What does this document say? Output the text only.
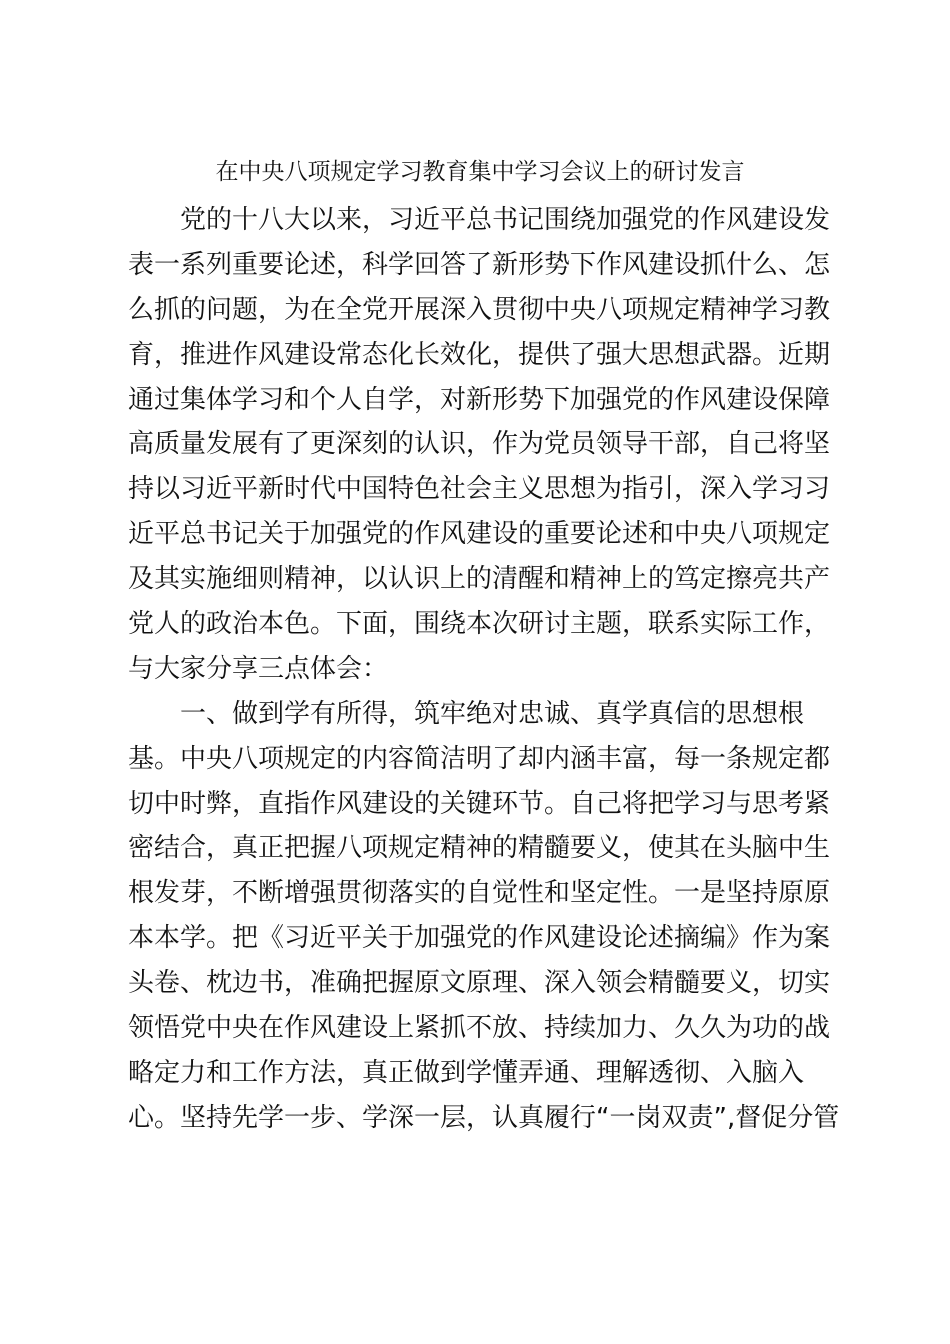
在中央八项规定学习教育集中学习会议上的研讨发言
党的十八大以来，习近平总书记围绕加强党的作风建设发
表一系列重要论述，科学回答了新形势下作风建设抓什么、怎
么抓的问题，为在全党开展深入贯彻中央八项规定精神学习教
育，推进作风建设常态化长效化，提供了强大思想武器。近期
通过集体学习和个人自学，对新形势下加强党的作风建设保障
高质量发展有了更深刻的认识，作为党员领导干部，自己将坚
持以习近平新时代中国特色社会主义思想为指引，深入学习习
近平总书记关于加强党的作风建设的重要论述和中央八项规定
及其实施细则精神，以认识上的清醒和精神上的笃定擦亮共产
党人的政治本色。下面，围绕本次研讨主题，联系实际工作，
与大家分享三点体会：
一、做到学有所得，筑牢绝对忠诚、真学真信的思想根
基。中央八项规定的内容简洁明了却内涵丰富，每一条规定都
切中时弊，直指作风建设的关键环节。自己将把学习与思考紧
密结合，真正把握八项规定精神的精髓要义，使其在头脑中生
根发芽，不断增强贯彻落实的自觉性和坚定性。一是坚持原原
本本学。把《习近平关于加强党的作风建设论述摘编》作为案
头卷、枕边书，准确把握原文原理、深入领会精髓要义，切实
领悟党中央在作风建设上紧抓不放、持续加力、久久为功的战
略定力和工作方法，真正做到学懂弄通、理解透彻、入脑入
心。坚持先学一步、学深一层，认真履行“一岗双责”,督促分管
